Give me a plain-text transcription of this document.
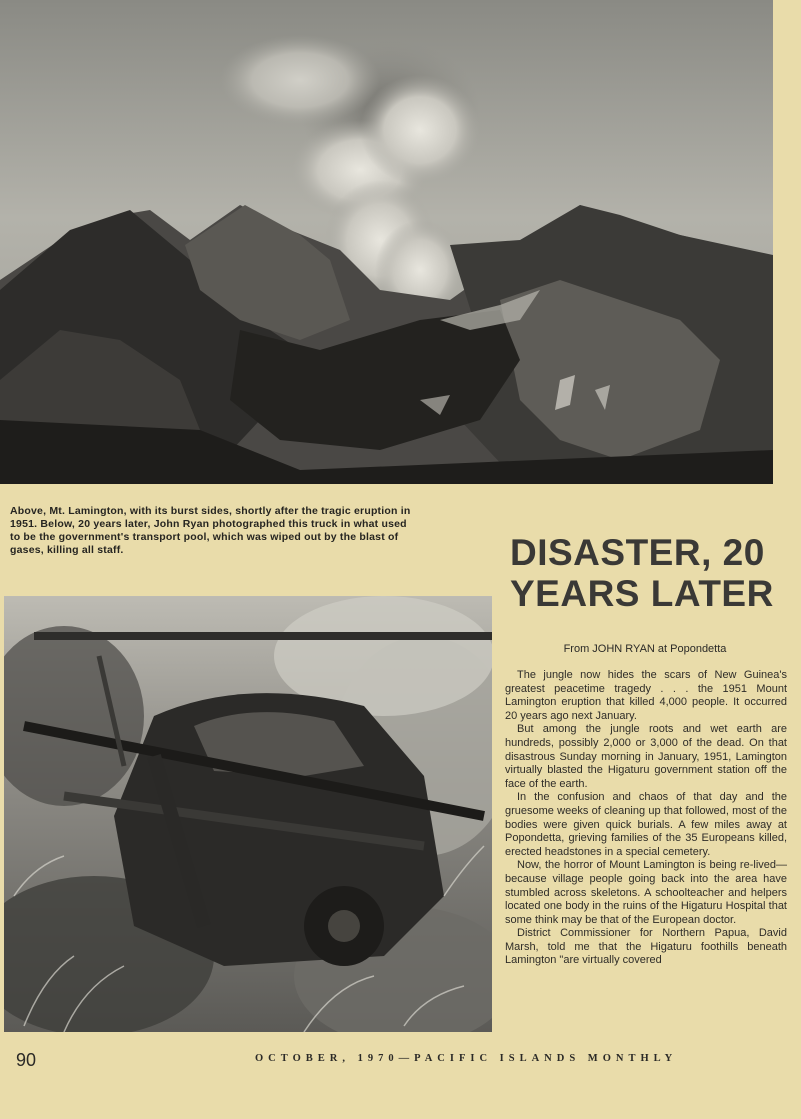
Above, Mt. Lamington, with its burst sides, shortly after the tragic eruption in 1951. Below, 20 years later, John Ryan photographed this truck in what used to be the government's transport pool, which was wiped out by the blast of gases, killing all staff.	DISASTER, 20 YEARS LATER
From JOHN RYAN at Popondetta

The jungle now hides the scars of New Guinea's greatest peacetime tragedy . . . the 1951 Mount Lamington eruption that killed 4,000 people. It occurred 20 years ago next January.

But among the jungle roots and wet earth are hundreds, possibly 2,000 or 3,000 of the dead. On that disastrous Sunday morning in January, 1951, Lamington virtually blasted the Higaturu government station off the face of the earth.

In the confusion and chaos of that day and the gruesome weeks of cleaning up that followed, most of the bodies were given quick burials. A few miles away at Popondetta, grieving families of the 35 Europeans killed, erected headstones in a special cemetery.

Now, the horror of Mount Lamington is being re-lived—because village people going back into the area have stumbled across skeletons. A schoolteacher and helpers located one body in the ruins of the Higaturu Hospital that some think may be that of the European doctor.

District Commissioner for Northern Papua, David Marsh, told me that the Higaturu foothills beneath Lamington "are virtually covered

90	OCTOBER, 1970—PACIFIC ISLANDS MONTHLY
